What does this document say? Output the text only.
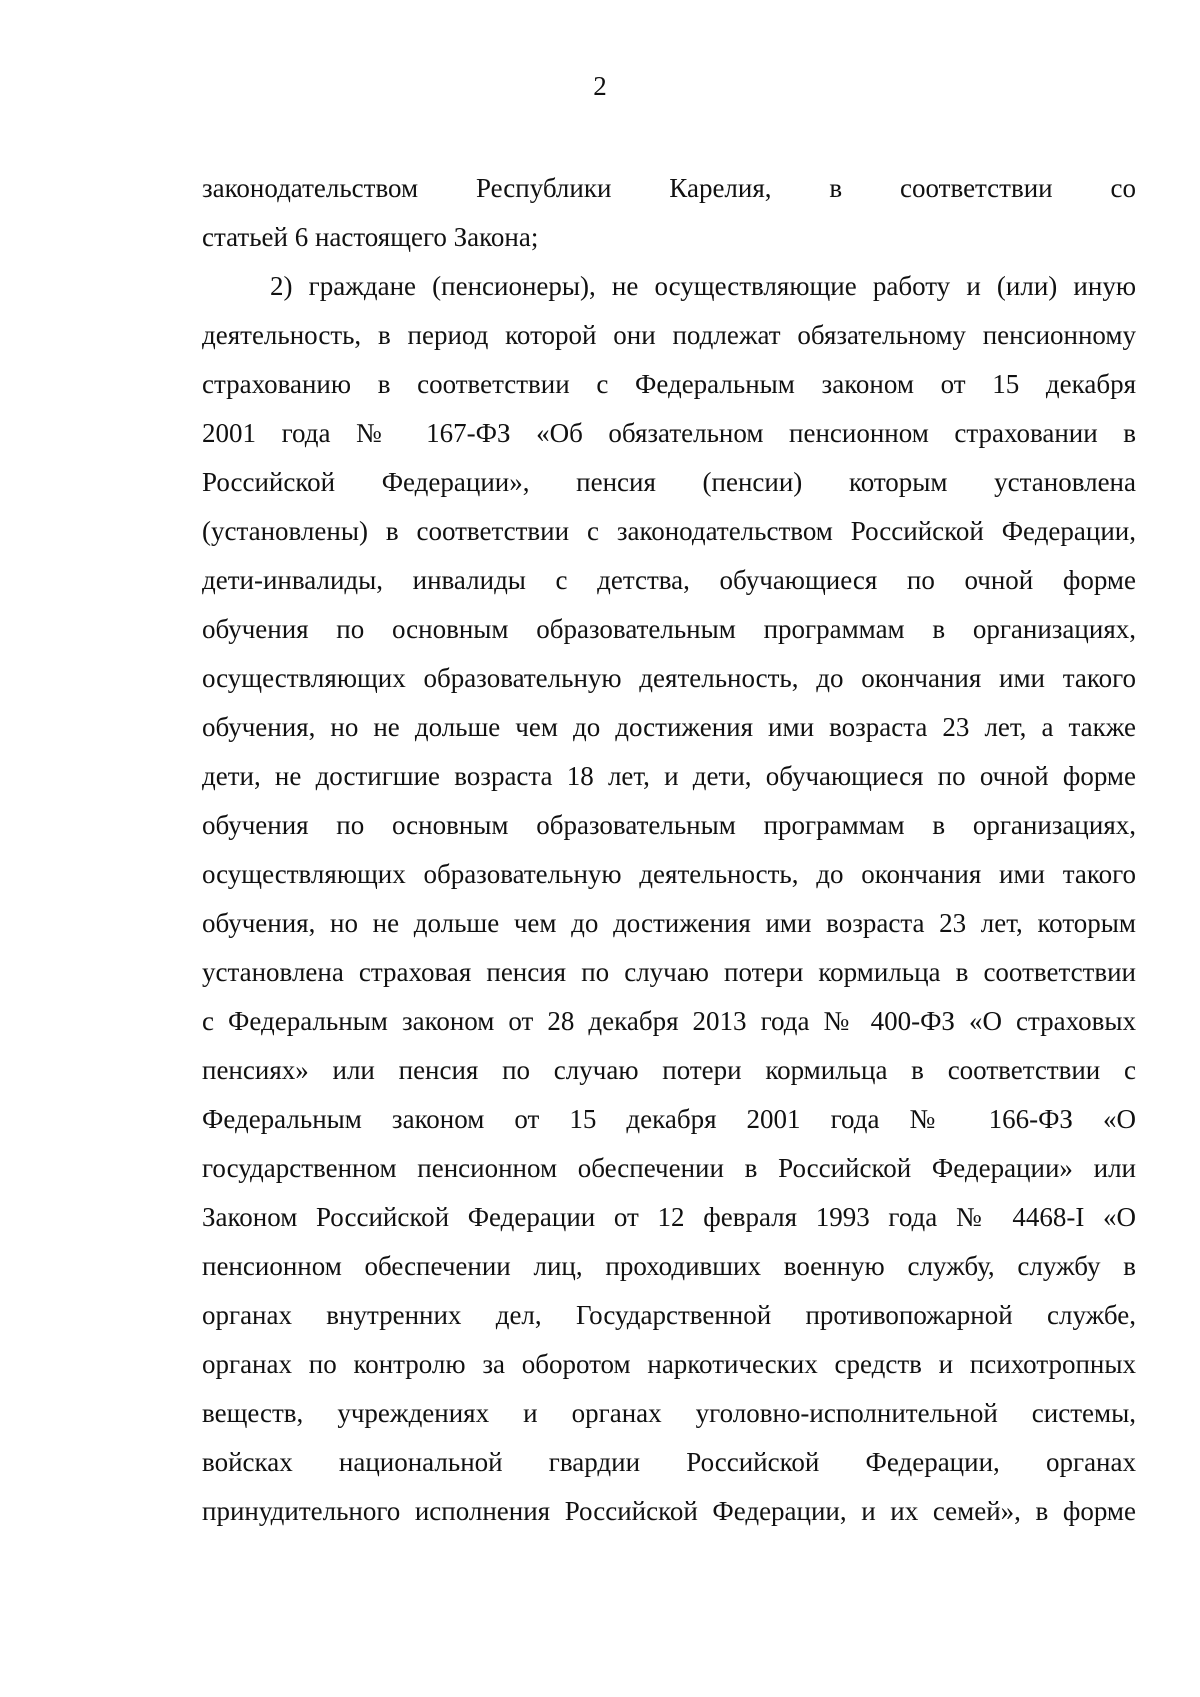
2
законодательством Республики Карелия, в соответствии со
статьей 6 настоящего Закона;
2) граждане (пенсионеры), не осуществляющие работу и (или) иную
деятельность, в период которой они подлежат обязательному пенсионному
страхованию в соответствии с Федеральным законом от 15 декабря
2001 года № 167-ФЗ «Об обязательном пенсионном страховании в
Российской Федерации», пенсия (пенсии) которым установлена
(установлены) в соответствии с законодательством Российской Федерации,
дети-инвалиды, инвалиды с детства, обучающиеся по очной форме
обучения по основным образовательным программам в организациях,
осуществляющих образовательную деятельность, до окончания ими такого
обучения, но не дольше чем до достижения ими возраста 23 лет, а также
дети, не достигшие возраста 18 лет, и дети, обучающиеся по очной форме
обучения по основным образовательным программам в организациях,
осуществляющих образовательную деятельность, до окончания ими такого
обучения, но не дольше чем до достижения ими возраста 23 лет, которым
установлена страховая пенсия по случаю потери кормильца в соответствии
с Федеральным законом от 28 декабря 2013 года № 400-ФЗ «О страховых
пенсиях» или пенсия по случаю потери кормильца в соответствии с
Федеральным законом от 15 декабря 2001 года № 166-ФЗ «О
государственном пенсионном обеспечении в Российской Федерации» или
Законом Российской Федерации от 12 февраля 1993 года № 4468-I «О
пенсионном обеспечении лиц, проходивших военную службу, службу в
органах внутренних дел, Государственной противопожарной службе,
органах по контролю за оборотом наркотических средств и психотропных
веществ, учреждениях и органах уголовно-исполнительной системы,
войсках национальной гвардии Российской Федерации, органах
принудительного исполнения Российской Федерации, и их семей», в форме
